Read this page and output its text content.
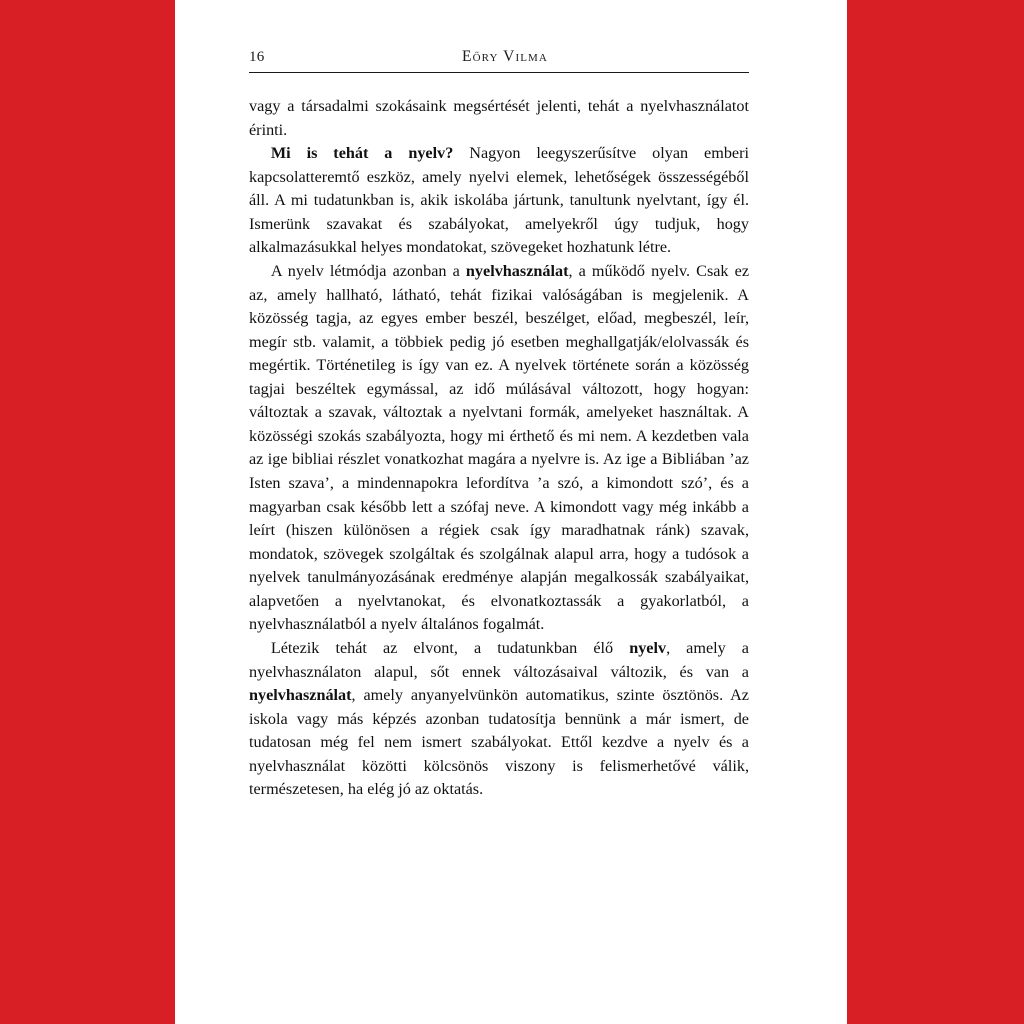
16	Eőry Vilma

vagy a társadalmi szokásaink megsértését jelenti, tehát a nyelvhasználatot érinti.

Mi is tehát a nyelv? Nagyon leegyszerűsítve olyan emberi kapcsolatteremtő eszköz, amely nyelvi elemek, lehetőségek összességéből áll. A mi tudatunkban is, akik iskolába jártunk, tanultunk nyelvtant, így él. Ismerünk szavakat és szabályokat, amelyekről úgy tudjuk, hogy alkalmazásukkal helyes mondatokat, szövegeket hozhatunk létre.

A nyelv létmódja azonban a nyelvhasználat, a működő nyelv. Csak ez az, amely hallható, látható, tehát fizikai valóságában is megjelenik. A közösség tagja, az egyes ember beszél, beszélget, előad, megbeszél, leír, megír stb. valamit, a többiek pedig jó esetben meghallgatják/elolvassák és megértik. Történetileg is így van ez. A nyelvek története során a közösség tagjai beszéltek egymással, az idő múlásával változott, hogy hogyan: változtak a szavak, változtak a nyelvtani formák, amelyeket használtak. A közösségi szokás szabályozta, hogy mi érthető és mi nem. A kezdetben vala az ige bibliai részlet vonatkozhat magára a nyelvre is. Az ige a Bibliában ’az Isten szava’, a mindennapokra lefordítva ’a szó, a kimondott szó’, és a magyarban csak később lett a szófaj neve. A kimondott vagy még inkább a leírt (hiszen különösen a régiek csak így maradhatnak ránk) szavak, mondatok, szövegek szolgáltak és szolgálnak alapul arra, hogy a tudósok a nyelvek tanulmányozásának eredménye alapján megalkossák szabályaikat, alapvetően a nyelvtanokat, és elvonatkoztassák a gyakorlatból, a nyelvhasználatból a nyelv általános fogalmát.

Létezik tehát az elvont, a tudatunkban élő nyelv, amely a nyelvhasználaton alapul, sőt ennek változásaival változik, és van a nyelvhasználat, amely anyanyelvünkön automatikus, szinte ösztönös. Az iskola vagy más képzés azonban tudatosítja bennünk a már ismert, de tudatosan még fel nem ismert szabályokat. Ettől kezdve a nyelv és a nyelvhasználat közötti kölcsönös viszony is felismerhetővé válik, természetesen, ha elég jó az oktatás.
